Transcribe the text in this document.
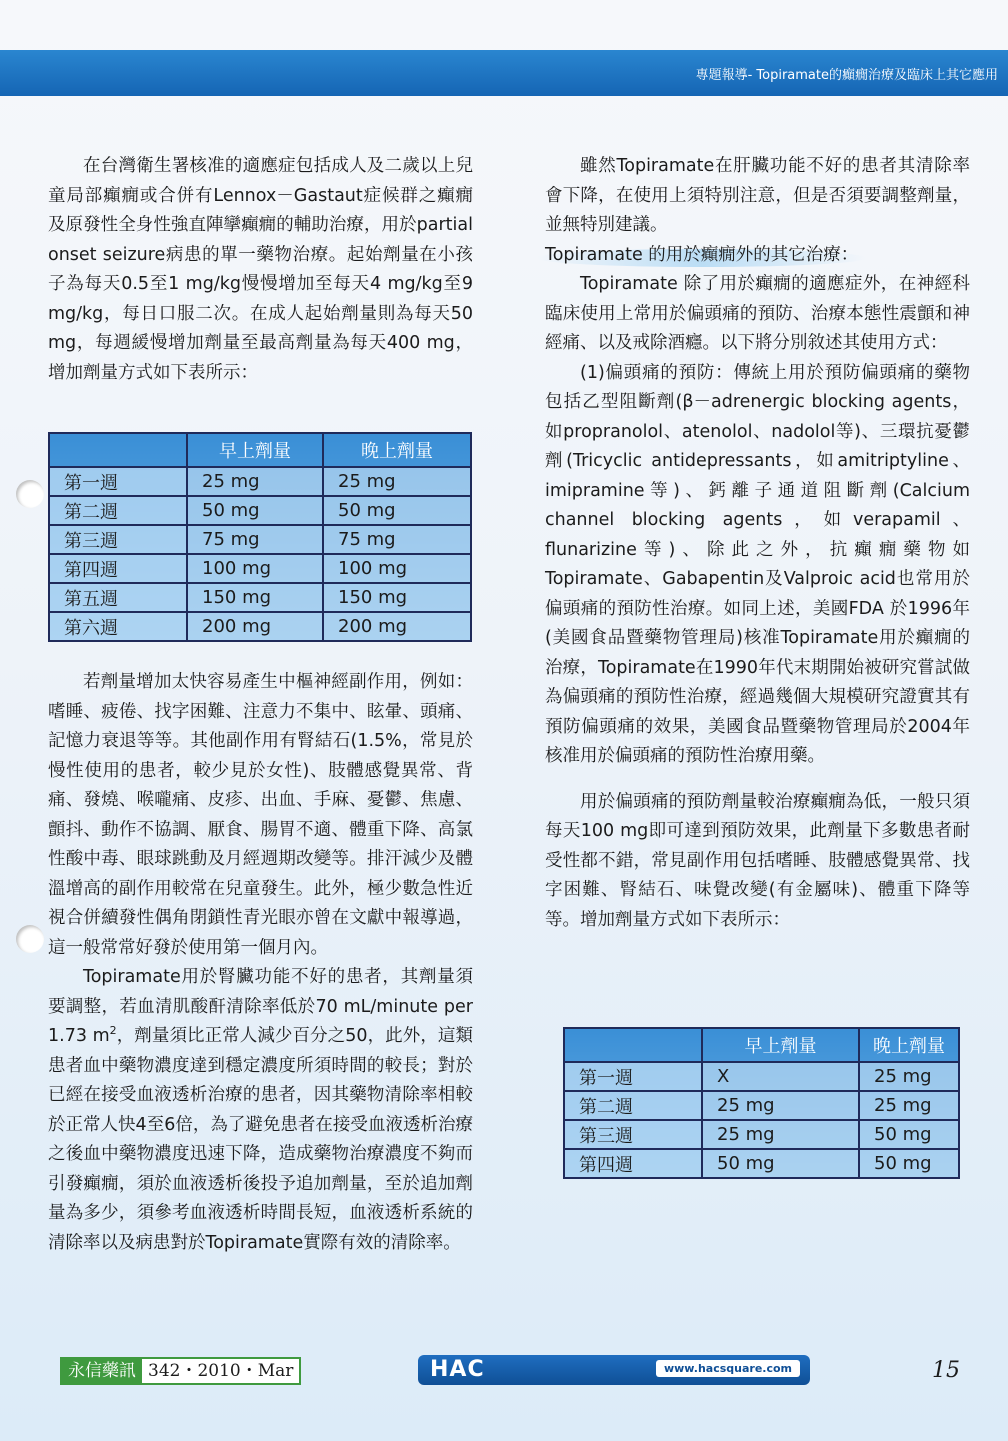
專題報導- Topiramate的癲癇治療及臨床上其它應用

在台灣衛生署核准的適應症包括成人及二歲以上兒童局部癲癇或合併有Lennox－Gastaut症候群之癲癇及原發性全身性強直陣攣癲癇的輔助治療，用於partial onset seizure病患的單一藥物治療。起始劑量在小孩子為每天0.5至1 mg/kg慢慢增加至每天4 mg/kg至9 mg/kg，每日口服二次。在成人起始劑量則為每天50 mg，每週緩慢增加劑量至最高劑量為每天400 mg，增加劑量方式如下表所示：

	早上劑量	晚上劑量
第一週	25 mg	25 mg
第二週	50 mg	50 mg
第三週	75 mg	75 mg
第四週	100 mg	100 mg
第五週	150 mg	150 mg
第六週	200 mg	200 mg

若劑量增加太快容易產生中樞神經副作用，例如：嗜睡、疲倦、找字困難、注意力不集中、眩暈、頭痛、記憶力衰退等等。其他副作用有腎結石(1.5%，常見於慢性使用的患者，較少見於女性)、肢體感覺異常、背痛、發燒、喉嚨痛、皮疹、出血、手麻、憂鬱、焦慮、顫抖、動作不協調、厭食、腸胃不適、體重下降、高氯性酸中毒、眼球跳動及月經週期改變等。排汗減少及體溫增高的副作用較常在兒童發生。此外，極少數急性近視合併續發性偶角閉鎖性青光眼亦曾在文獻中報導過，這一般常常好發於使用第一個月內。

Topiramate用於腎臟功能不好的患者，其劑量須要調整，若血清肌酸酐清除率低於70 mL/minute per 1.73 $m^2$，劑量須比正常人減少百分之50，此外，這類患者血中藥物濃度達到穩定濃度所須時間的較長；對於已經在接受血液透析治療的患者，因其藥物清除率相較於正常人快4至6倍，為了避免患者在接受血液透析治療之後血中藥物濃度迅速下降，造成藥物治療濃度不夠而引發癲癇，須於血液透析後投予追加劑量，至於追加劑量為多少，須參考血液透析時間長短，血液透析系統的清除率以及病患對於Topiramate實際有效的清除率。

雖然Topiramate在肝臟功能不好的患者其清除率會下降，在使用上須特別注意，但是否須要調整劑量，並無特別建議。

Topiramate 的用於癲癇外的其它治療：

Topiramate 除了用於癲癇的適應症外，在神經科臨床使用上常用於偏頭痛的預防、治療本態性震顫和神經痛、以及戒除酒癮。以下將分別敘述其使用方式：

(1)偏頭痛的預防：傳統上用於預防偏頭痛的藥物包括乙型阻斷劑(β－adrenergic blocking agents，如propranolol、atenolol、nadolol等)、三環抗憂鬱劑(Tricyclic antidepressants，如amitriptyline、imipramine等)、鈣離子通道阻斷劑(Calcium channel blocking agents，如verapamil、flunarizine等)、除此之外，抗癲癇藥物如Topiramate、Gabapentin及Valproic acid也常用於偏頭痛的預防性治療。如同上述，美國FDA 於1996年(美國食品暨藥物管理局)核准Topiramate用於癲癇的治療，Topiramate在1990年代末期開始被研究嘗試做為偏頭痛的預防性治療，經過幾個大規模研究證實其有預防偏頭痛的效果，美國食品暨藥物管理局於2004年核准用於偏頭痛的預防性治療用藥。

用於偏頭痛的預防劑量較治療癲癇為低，一般只須每天100 mg即可達到預防效果，此劑量下多數患者耐受性都不錯，常見副作用包括嗜睡、肢體感覺異常、找字困難、腎結石、味覺改變(有金屬味)、體重下降等等。增加劑量方式如下表所示：

	早上劑量	晚上劑量
第一週	X	25 mg
第二週	25 mg	25 mg
第三週	25 mg	50 mg
第四週	50 mg	50 mg
永信藥訊 342・2010・Mar	HAC	www.hacsquare.com	15
